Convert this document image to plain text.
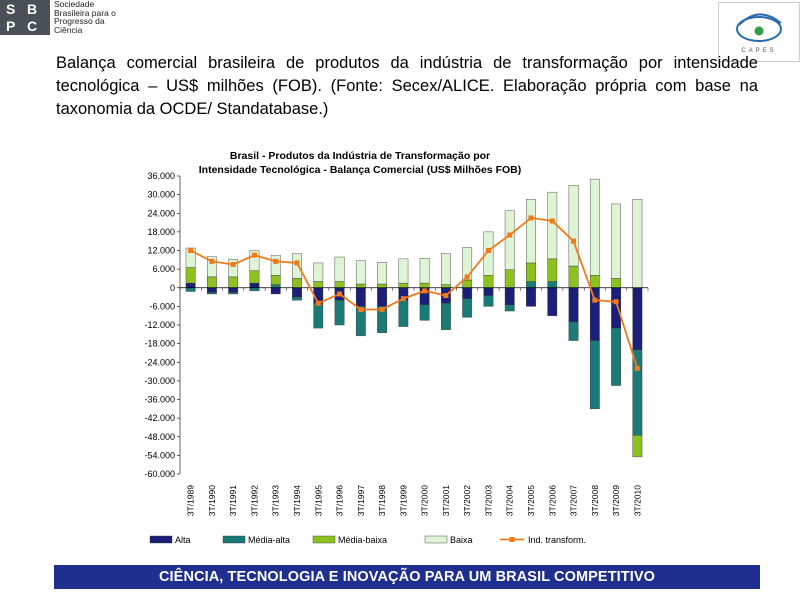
S B
P C
Sociedade
Brasileira para o
Progresso da
Ciência
CAPES
Balança comercial brasileira de produtos da indústria de transformação por intensidade tecnológica – US$ milhões (FOB). (Fonte: Secex/ALICE. Elaboração própria com base na taxonomia da OCDE/ Standatabase.)
Brasil - Produtos da Indústria de Transformação por
Intensidade Tecnológica - Balança Comercial (US$ Milhões FOB)
36.000
30.000
24.000
18.000
12.000
6.000
0
-6.000
-12.000
-18.000
-24.000
-30.000
-36.000
-42.000
-48.000
-54.000
-60.000
3T/1989 3T/1990 3T/1991 3T/1992 3T/1993 3T/1994 3T/1995 3T/1996 3T/1997 3T/1998 3T/1999 3T/2000 3T/2001 3T/2002 3T/2003 3T/2004 3T/2005 3T/2006 3T/2007 3T/2008 3T/2009 3T/2010
Alta	Média-alta	Média-baixa	Baixa	Ind. transform.
CIÊNCIA, TECNOLOGIA E INOVAÇÃO PARA UM BRASIL COMPETITIVO
